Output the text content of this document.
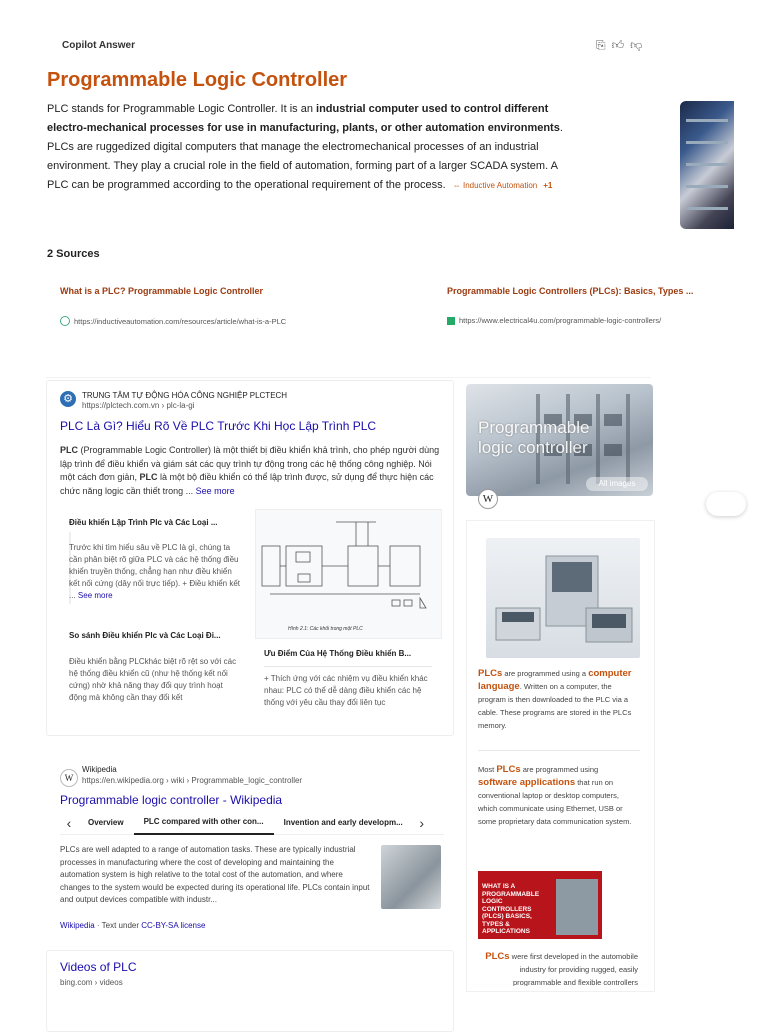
Copilot Answer	⎘ 👍︎ 👎︎
Programmable Logic Controller
PLC stands for Programmable Logic Controller. It is an industrial computer used to control different electro-mechanical processes for use in manufacturing, plants, or other automation environments. PLCs are ruggedized digital computers that manage the electromechanical processes of an industrial environment. They play a crucial role in the field of automation, forming part of a larger SCADA system. A PLC can be programmed according to the operational requirement of the process. ⇔ Inductive Automation +1
2 Sources
What is a PLC? Programmable Logic Controller
https://inductiveautomation.com/resources/article/what-is-a-PLC
Programmable Logic Controllers (PLCs): Basics, Types ...
https://www.electrical4u.com/programmable-logic-controllers/
⚙	TRUNG TÂM TỰ ĐỘNG HÓA CÔNG NGHIỆP PLCTECH
https://plctech.com.vn › plc-la-gi
PLC Là Gì? Hiểu Rõ Về PLC Trước Khi Học Lập Trình PLC
PLC (Programmable Logic Controller) là một thiết bị điều khiển khả trình, cho phép người dùng lập trình để điều khiển và giám sát các quy trình tự động trong các hệ thống công nghiệp. Nói một cách đơn giản, PLC là một bộ điều khiển có thể lập trình được, sử dụng để thực hiện các chức năng logic cần thiết trong ... See more
Điều khiển Lập Trình Plc và Các Loại ...
Trước khi tìm hiểu sâu về PLC là gì, chúng ta cần phân biệt rõ giữa PLC và các hệ thống điều khiển truyền thống, chẳng hạn như điều khiển kết nối cứng (dây nối trực tiếp). + Điều khiển kết ... See more
So sánh Điều khiển Plc và Các Loại Đi...
Điều khiển bằng PLCkhác biệt rõ rệt so với các hệ thống điều khiển cũ (như hệ thống kết nối cứng) nhờ khả năng thay đổi quy trình hoạt động mà không cần thay đổi kết
Hình 2.1: Các khối trong một PLC
Ưu Điểm Của Hệ Thống Điều khiển B...
+ Thích ứng với các nhiệm vụ điều khiển khác nhau: PLC có thể dễ dàng điều khiển các hệ thống với yêu cầu thay đổi liên tục
Programmable logic controller
All images
W
PLCs are programmed using a computer language. Written on a computer, the program is then downloaded to the PLC via a cable. These programs are stored in the PLCs memory.
Most PLCs are programmed using software applications that run on conventional laptop or desktop computers, which communicate using Ethernet, USB or some proprietary data communication system.
WHAT IS A PROGRAMMABLE LOGIC CONTROLLERS (PLCS) BASICS, TYPES & APPLICATIONS
PLCs were first developed in the automobile industry for providing rugged, easily programmable and flexible controllers
W
Wikipedia
https://en.wikipedia.org › wiki › Programmable_logic_controller
Programmable logic controller - Wikipedia
‹	Overview	PLC compared with other con...	Invention and early developm...	›
PLCs are well adapted to a range of automation tasks. These are typically industrial processes in manufacturing where the cost of developing and maintaining the automation system is high relative to the total cost of the automation, and where changes to the system would be expected during its operational life. PLCs contain input and output devices compatible with industr...
Wikipedia · Text under CC-BY-SA license
Videos of PLC
bing.com › videos
